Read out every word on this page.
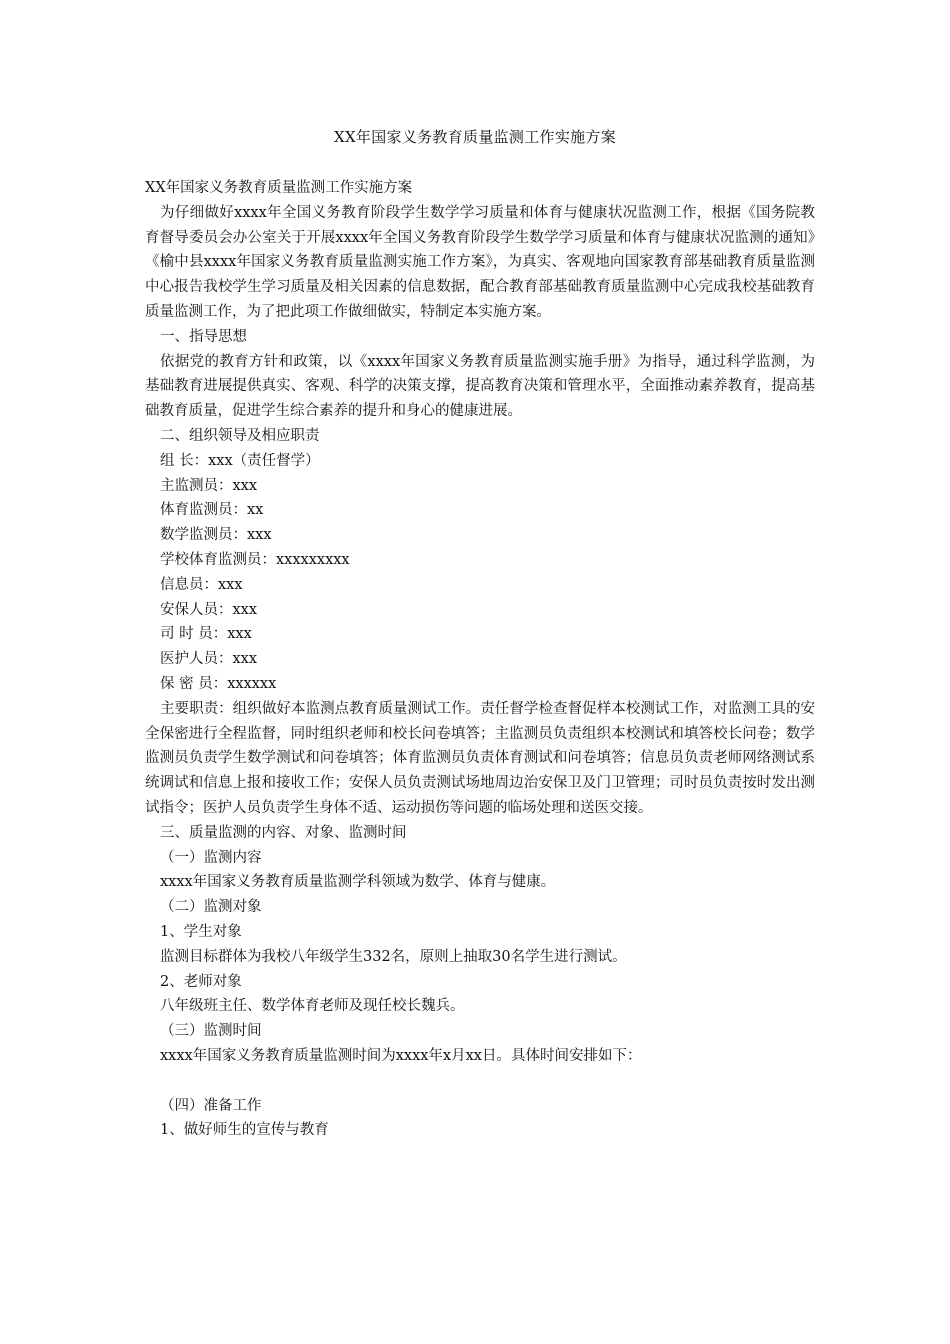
XX年国家义务教育质量监测工作实施方案
XX年国家义务教育质量监测工作实施方案
为仔细做好xxxx年全国义务教育阶段学生数学学习质量和体育与健康状况监测工作，根据《国务院教育督导委员会办公室关于开展xxxx年全国义务教育阶段学生数学学习质量和体育与健康状况监测的通知》《榆中县xxxx年国家义务教育质量监测实施工作方案》，为真实、客观地向国家教育部基础教育质量监测中心报告我校学生学习质量及相关因素的信息数据，配合教育部基础教育质量监测中心完成我校基础教育质量监测工作，为了把此项工作做细做实，特制定本实施方案。
一、指导思想
依据党的教育方针和政策，以《xxxx年国家义务教育质量监测实施手册》为指导，通过科学监测，为基础教育进展提供真实、客观、科学的决策支撑，提高教育决策和管理水平，全面推动素养教育，提高基础教育质量，促进学生综合素养的提升和身心的健康进展。
二、组织领导及相应职责
组 长：xxx（责任督学）
主监测员：xxx
体育监测员：xx
数学监测员：xxx
学校体育监测员：xxxxxxxxx
信息员：xxx
安保人员：xxx
司 时 员：xxx
医护人员：xxx
保 密 员：xxxxxx
主要职责：组织做好本监测点教育质量测试工作。责任督学检查督促样本校测试工作，对监测工具的安全保密进行全程监督，同时组织老师和校长问卷填答；主监测员负责组织本校测试和填答校长问卷；数学监测员负责学生数学测试和问卷填答；体育监测员负责体育测试和问卷填答；信息员负责老师网络测试系统调试和信息上报和接收工作；安保人员负责测试场地周边治安保卫及门卫管理；司时员负责按时发出测试指令；医护人员负责学生身体不适、运动损伤等问题的临场处理和送医交接。
三、质量监测的内容、对象、监测时间
（一）监测内容
xxxx年国家义务教育质量监测学科领域为数学、体育与健康。
（二）监测对象
1、学生对象
监测目标群体为我校八年级学生332名，原则上抽取30名学生进行测试。
2、老师对象
八年级班主任、数学体育老师及现任校长魏兵。
（三）监测时间
xxxx年国家义务教育质量监测时间为xxxx年x月xx日。具体时间安排如下：
（四）准备工作
1、做好师生的宣传与教育
